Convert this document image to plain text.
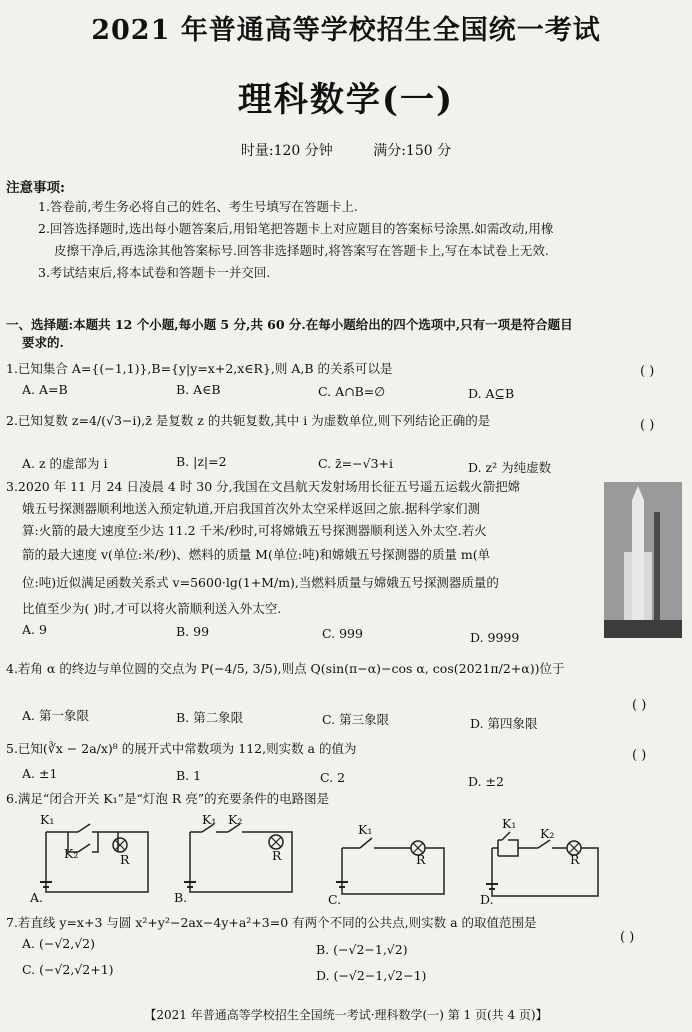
2021 年普通高等学校招生全国统一考试
理科数学(一)
时量:120 分钟	满分:150 分
注意事项:
1.答卷前,考生务必将自己的姓名、考生号填写在答题卡上.
2.回答选择题时,选出每小题答案后,用铅笔把答题卡上对应题目的答案标号涂黑.如需改动,用橡
皮擦干净后,再选涂其他答案标号.回答非选择题时,将答案写在答题卡上,写在本试卷上无效.
3.考试结束后,将本试卷和答题卡一并交回.
一、选择题:本题共 12 个小题,每小题 5 分,共 60 分.在每小题给出的四个选项中,只有一项是符合题目
要求的.
1.已知集合 A={(−1,1)},B={y|y=x+2,x∈R},则 A,B 的关系可以是	( )
A. A=B	B. A∈B	C. A∩B=∅	D. A⊆B
2.已知复数 z=4/(√3−i),z̄ 是复数 z 的共轭复数,其中 i 为虚数单位,则下列结论正确的是	( )
A. z 的虚部为 i	B. |z|=2	C. z̄=−√3+i	D. z² 为纯虚数
3.2020 年 11 月 24 日凌晨 4 时 30 分,我国在文昌航天发射场用长征五号遥五运载火箭把嫦
娥五号探测器顺利地送入预定轨道,开启我国首次外太空采样返回之旅.据科学家们测
算:火箭的最大速度至少达 11.2 千米/秒时,可将嫦娥五号探测器顺利送入外太空.若火
箭的最大速度 v(单位:米/秒)、燃料的质量 M(单位:吨)和嫦娥五号探测器的质量 m(单
位:吨)近似满足函数关系式 v=5600·lg(1+M/m),当燃料质量与嫦娥五号探测器质量的
比值至少为( )时,才可以将火箭顺利送入外太空.
A. 9	B. 99	C. 999	D. 9999
4.若角 α 的终边与单位圆的交点为 P(−4/5, 3/5),则点 Q(sin(π−α)−cos α, cos(2021π/2+α))位于
( )
A. 第一象限	B. 第二象限	C. 第三象限	D. 第四象限
5.已知(∛x − 2a/x)⁸ 的展开式中常数项为 112,则实数 a 的值为	( )
A. ±1	B. 1	C. 2	D. ±2
6.满足“闭合开关 K₁”是“灯泡 R 亮”的充要条件的电路图是
K₁
K₂	R
A.
K₁ K₂
R
B.
K₁
R
C.
K₁
K₂
R
D.
7.若直线 y=x+3 与圆 x²+y²−2ax−4y+a²+3=0 有两个不同的公共点,则实数 a 的取值范围是
( )
A. (−√2,√2)	B. (−√2−1,√2)
C. (−√2,√2+1)	D. (−√2−1,√2−1)
【2021 年普通高等学校招生全国统一考试·理科数学(一) 第 1 页(共 4 页)】
